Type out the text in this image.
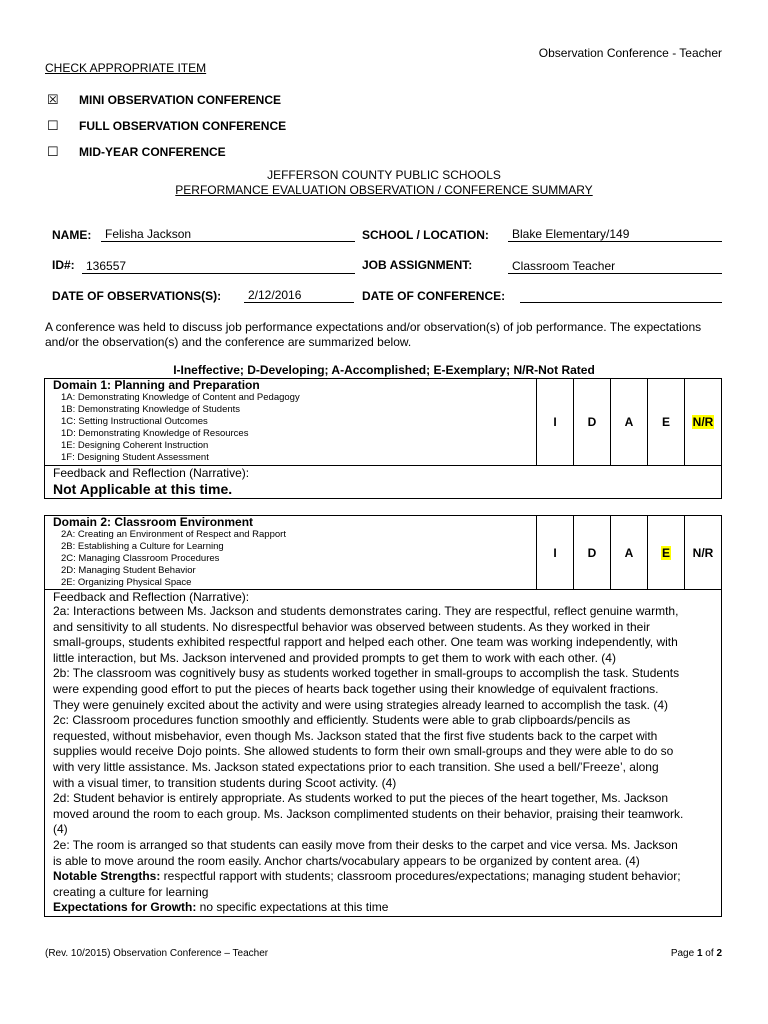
Observation Conference - Teacher
CHECK APPROPRIATE ITEM
☒	MINI OBSERVATION CONFERENCE
☐	FULL OBSERVATION CONFERENCE
☐	MID-YEAR CONFERENCE
JEFFERSON COUNTY PUBLIC SCHOOLS
PERFORMANCE EVALUATION OBSERVATION / CONFERENCE SUMMARY
NAME:	Felisha Jackson	SCHOOL / LOCATION:	Blake Elementary/149
ID#: 136557	JOB ASSIGNMENT:	Classroom Teacher
DATE OF OBSERVATIONS(S):	2/12/2016	DATE OF CONFERENCE:
A conference was held to discuss job performance expectations and/or observation(s) of job performance. The expectations
and/or the observation(s) and the conference are summarized below.
I-Ineffective; D-Developing; A-Accomplished; E-Exemplary; N/R-Not Rated
Domain 1: Planning and Preparation
1A: Demonstrating Knowledge of Content and Pedagogy
1B: Demonstrating Knowledge of Students
1C: Setting Instructional Outcomes
1D: Demonstrating Knowledge of Resources
1E: Designing Coherent Instruction
1F: Designing Student Assessment
I	D A E N/R
Feedback and Reflection (Narrative):
Not Applicable at this time.
Domain 2: Classroom Environment
2A: Creating an Environment of Respect and Rapport
2B: Establishing a Culture for Learning
2C: Managing Classroom Procedures
2D: Managing Student Behavior
2E: Organizing Physical Space
I	D A E N/R
Feedback and Reflection (Narrative):
2a: Interactions between Ms. Jackson and students demonstrates caring. They are respectful, reflect genuine warmth,
and sensitivity to all students. No disrespectful behavior was observed between students. As they worked in their
small-groups, students exhibited respectful rapport and helped each other. One team was working independently, with
little interaction, but Ms. Jackson intervened and provided prompts to get them to work with each other. (4)
2b: The classroom was cognitively busy as students worked together in small-groups to accomplish the task. Students
were expending good effort to put the pieces of hearts back together using their knowledge of equivalent fractions.
They were genuinely excited about the activity and were using strategies already learned to accomplish the task. (4)
2c: Classroom procedures function smoothly and efficiently. Students were able to grab clipboards/pencils as
requested, without misbehavior, even though Ms. Jackson stated that the first five students back to the carpet with
supplies would receive Dojo points. She allowed students to form their own small-groups and they were able to do so
with very little assistance. Ms. Jackson stated expectations prior to each transition. She used a bell/’Freeze’, along
with a visual timer, to transition students during Scoot activity. (4)
2d: Student behavior is entirely appropriate. As students worked to put the pieces of the heart together, Ms. Jackson
moved around the room to each group. Ms. Jackson complimented students on their behavior, praising their teamwork.
(4)
2e: The room is arranged so that students can easily move from their desks to the carpet and vice versa. Ms. Jackson
is able to move around the room easily. Anchor charts/vocabulary appears to be organized by content area. (4)
Notable Strengths: respectful rapport with students; classroom procedures/expectations; managing student behavior;
creating a culture for learning
Expectations for Growth: no specific expectations at this time
(Rev. 10/2015) Observation Conference – Teacher	Page 1 of 2
